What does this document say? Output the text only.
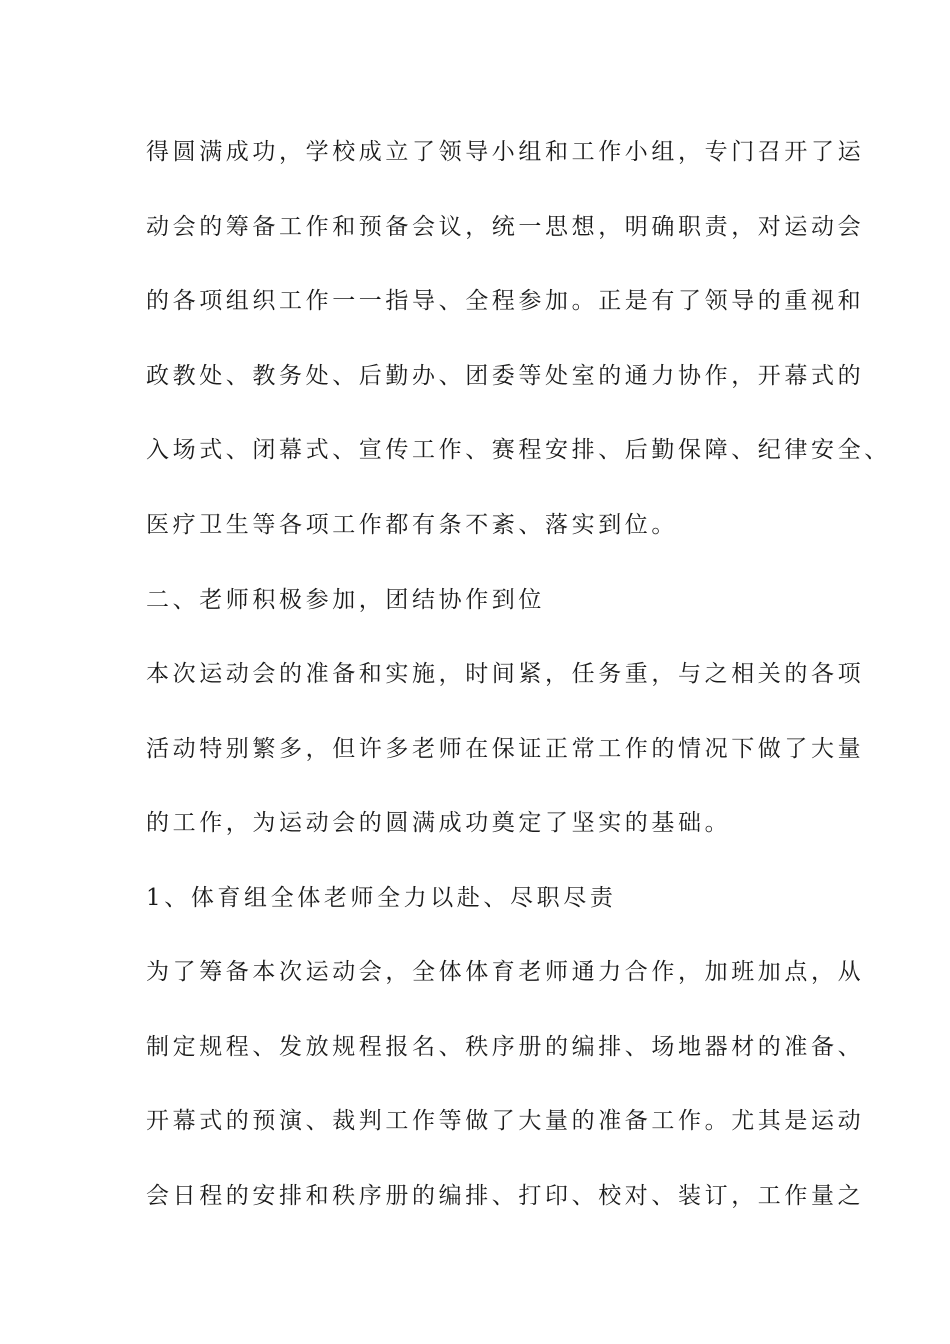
得圆满成功，学校成立了领导小组和工作小组，专门召开了运
动会的筹备工作和预备会议，统一思想，明确职责，对运动会
的各项组织工作一一指导、全程参加。正是有了领导的重视和
政教处、教务处、后勤办、团委等处室的通力协作，开幕式的
入场式、闭幕式、宣传工作、赛程安排、后勤保障、纪律安全、
医疗卫生等各项工作都有条不紊、落实到位。
二、老师积极参加，团结协作到位
本次运动会的准备和实施，时间紧，任务重，与之相关的各项
活动特别繁多，但许多老师在保证正常工作的情况下做了大量
的工作，为运动会的圆满成功奠定了坚实的基础。
1、体育组全体老师全力以赴、尽职尽责
为了筹备本次运动会，全体体育老师通力合作，加班加点，从
制定规程、发放规程报名、秩序册的编排、场地器材的准备、
开幕式的预演、裁判工作等做了大量的准备工作。尤其是运动
会日程的安排和秩序册的编排、打印、校对、装订，工作量之
